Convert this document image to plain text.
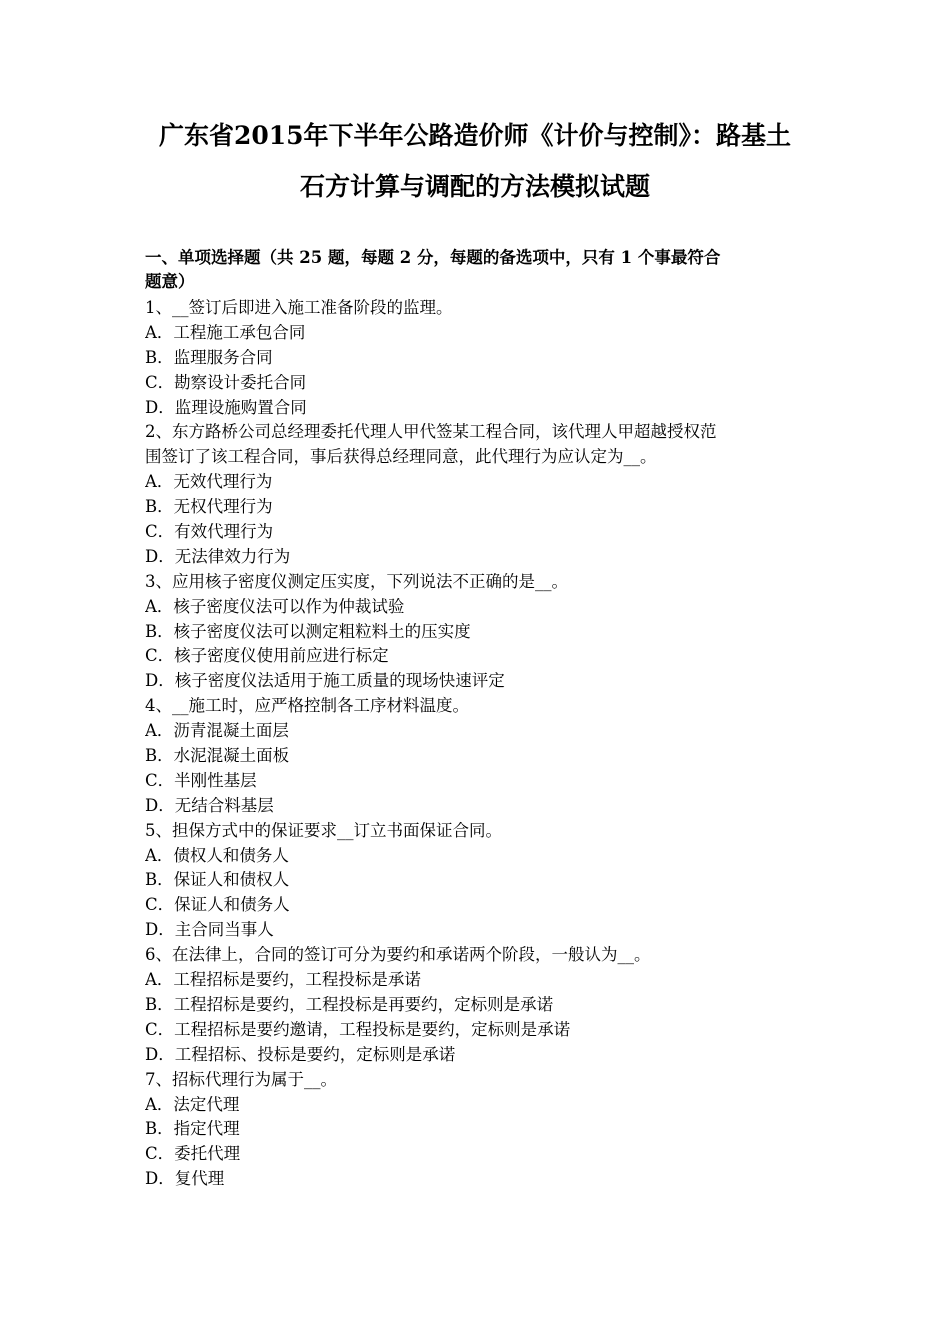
广东省2015年下半年公路造价师《计价与控制》：路基土
石方计算与调配的方法模拟试题
一、单项选择题（共 25 题，每题 2 分，每题的备选项中，只有 1 个事最符合
题意）
1、__签订后即进入施工准备阶段的监理。
A．工程施工承包合同
B．监理服务合同
C．勘察设计委托合同
D．监理设施购置合同
2、东方路桥公司总经理委托代理人甲代签某工程合同，该代理人甲超越授权范
围签订了该工程合同，事后获得总经理同意，此代理行为应认定为__。
A．无效代理行为
B．无权代理行为
C．有效代理行为
D．无法律效力行为
3、应用核子密度仪测定压实度，下列说法不正确的是__。
A．核子密度仪法可以作为仲裁试验
B．核子密度仪法可以测定粗粒料土的压实度
C．核子密度仪使用前应进行标定
D．核子密度仪法适用于施工质量的现场快速评定
4、__施工时，应严格控制各工序材料温度。
A．沥青混凝土面层
B．水泥混凝土面板
C．半刚性基层
D．无结合料基层
5、担保方式中的保证要求__订立书面保证合同。
A．债权人和债务人
B．保证人和债权人
C．保证人和债务人
D．主合同当事人
6、在法律上，合同的签订可分为要约和承诺两个阶段，一般认为__。
A．工程招标是要约，工程投标是承诺
B．工程招标是要约，工程投标是再要约，定标则是承诺
C．工程招标是要约邀请，工程投标是要约，定标则是承诺
D．工程招标、投标是要约，定标则是承诺
7、招标代理行为属于__。
A．法定代理
B．指定代理
C．委托代理
D．复代理
